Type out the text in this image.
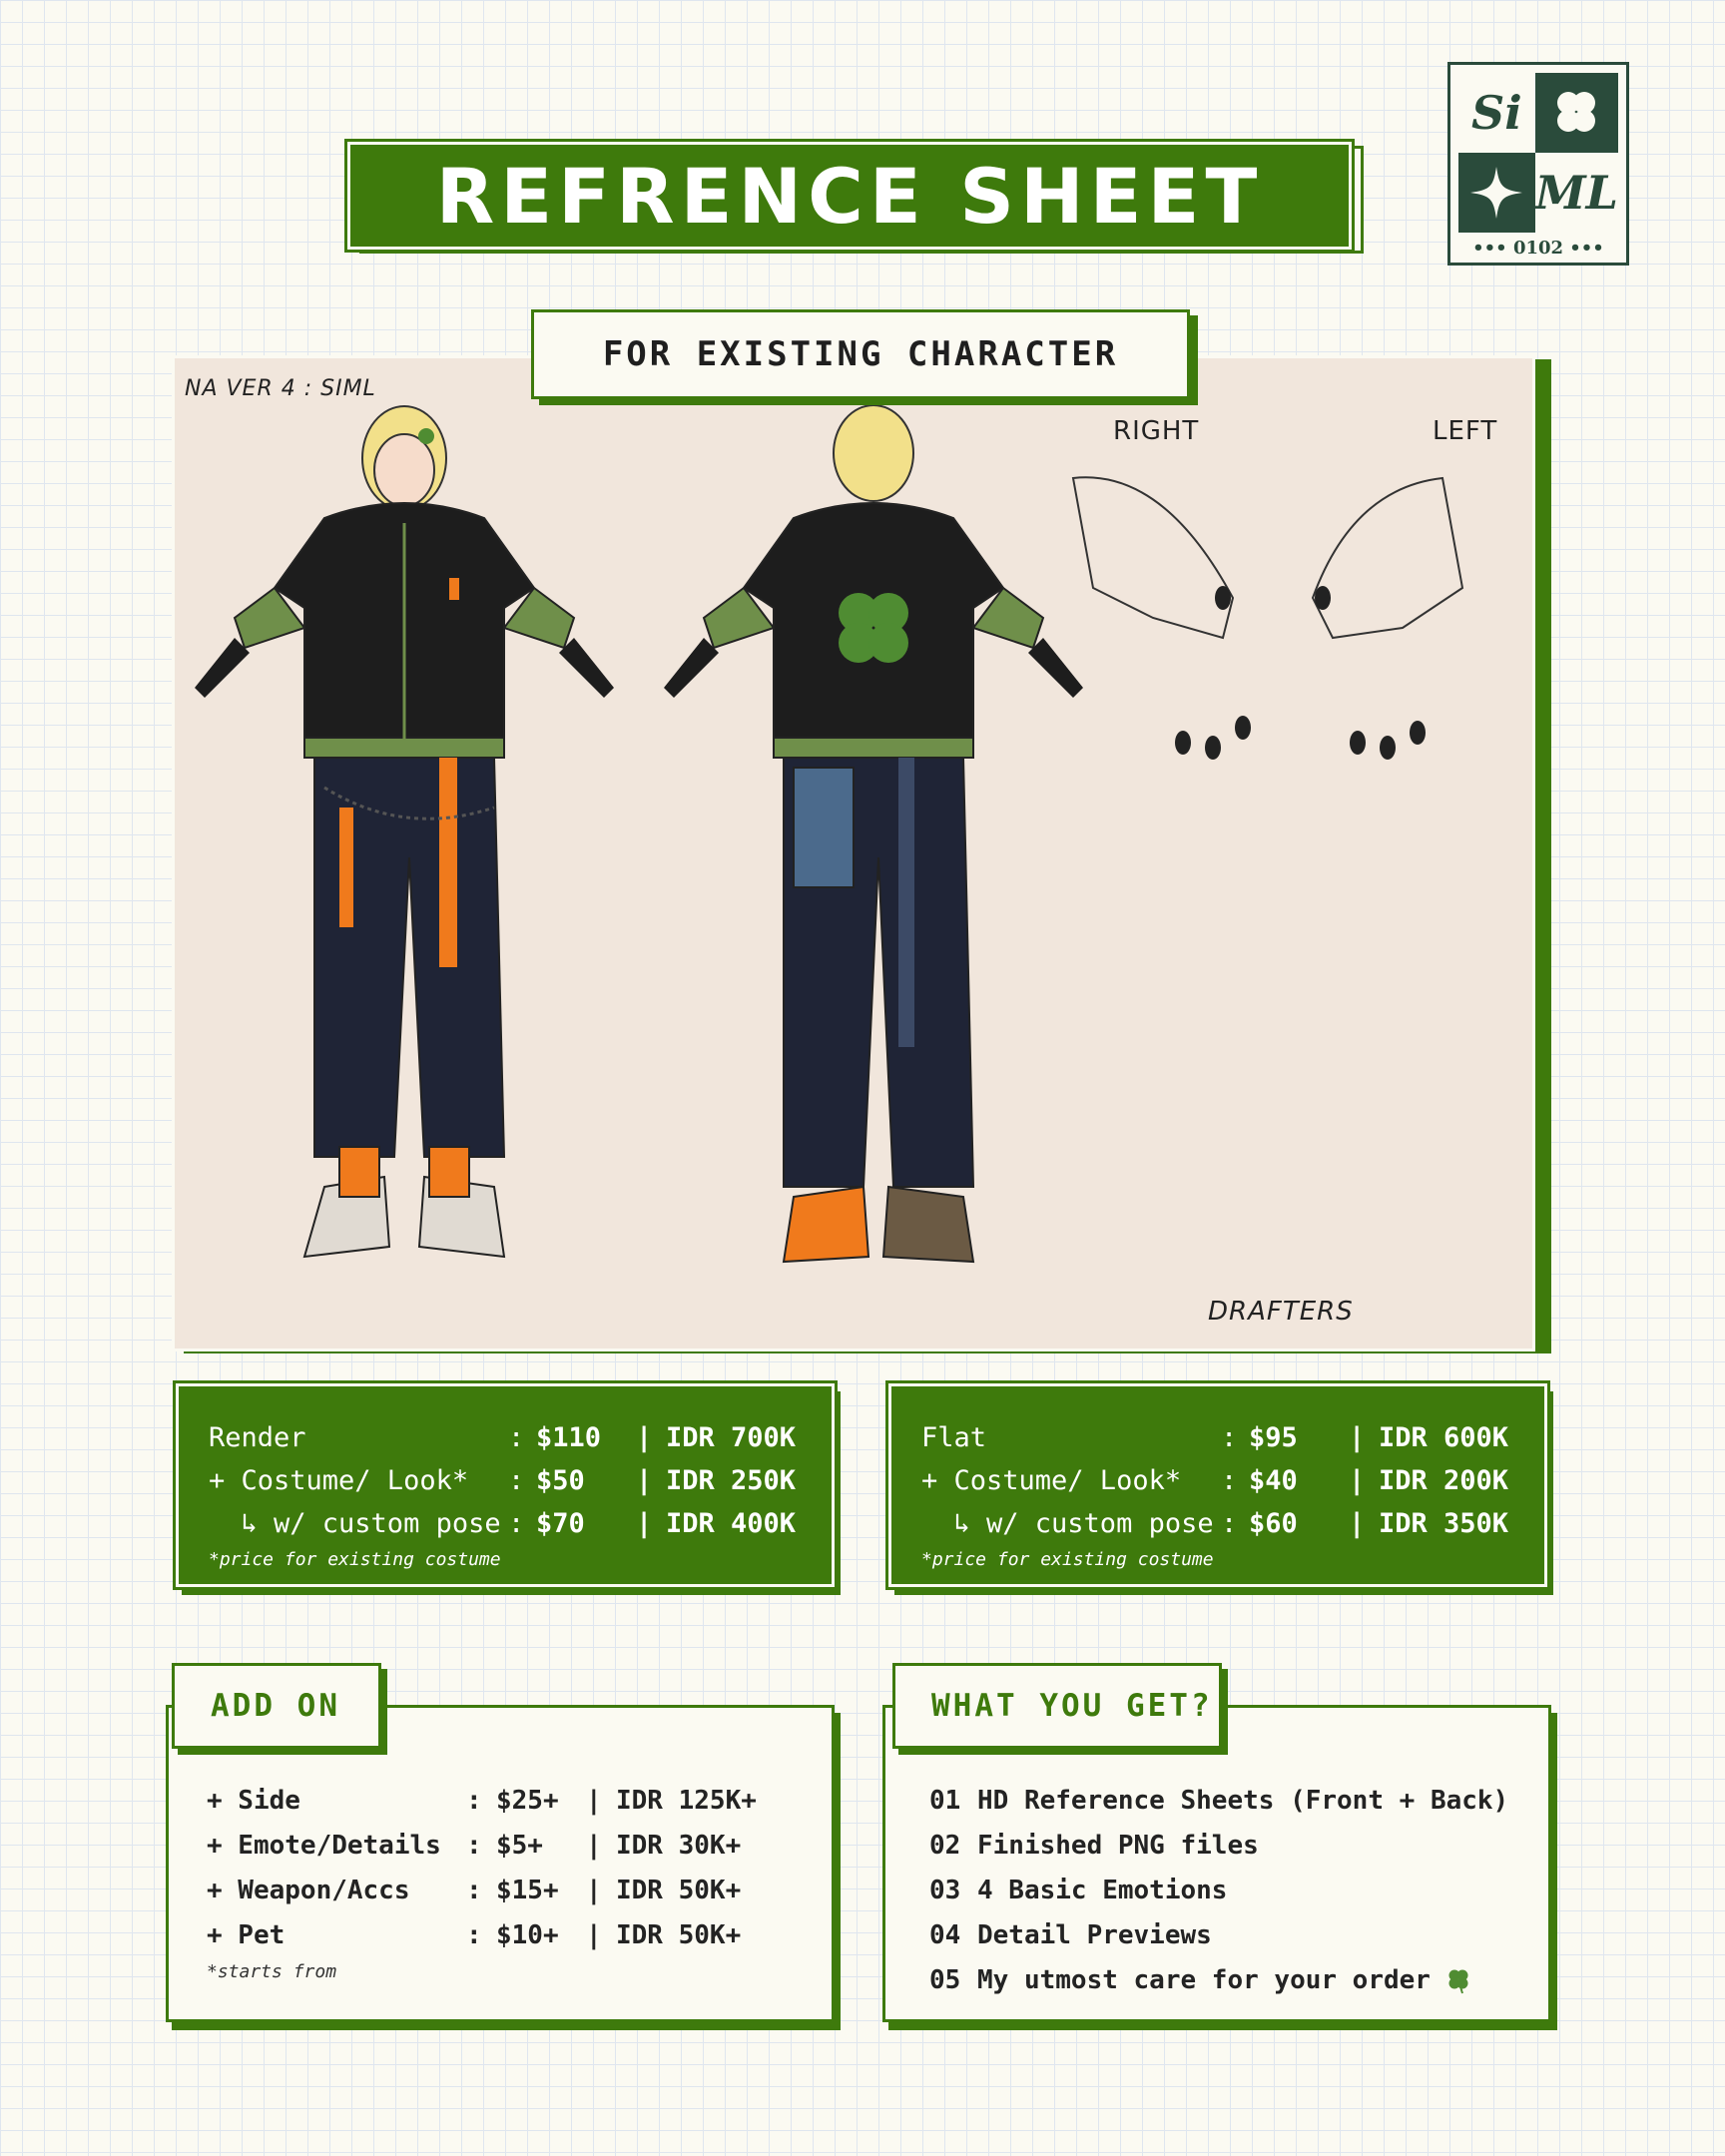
REFRENCE SHEET
Si
ML
••• 0102 •••
NA VER 4 : SIML
RIGHT	LEFT
DRAFTERS
FOR EXISTING CHARACTER
Render	: $110	| IDR 700K
+ Costume/ Look*	: $50	| IDR 250K
↳ w/ custom pose : $70	| IDR 400K
*price for existing costume
Flat	: $95	| IDR 600K
+ Costume/ Look*	: $40	| IDR 200K
↳ w/ custom pose : $60	| IDR 350K
*price for existing costume
+ Side	: $25+	| IDR 125K+
+ Emote/Details : $5+	| IDR 30K+
+ Weapon/Accs	: $15+	| IDR 50K+
+ Pet	: $10+	| IDR 50K+
*starts from
ADD ON
01 HD Reference Sheets (Front + Back)
02 Finished PNG files
03 4 Basic Emotions
04 Detail Previews
05 My utmost care for your order
WHAT YOU GET?
